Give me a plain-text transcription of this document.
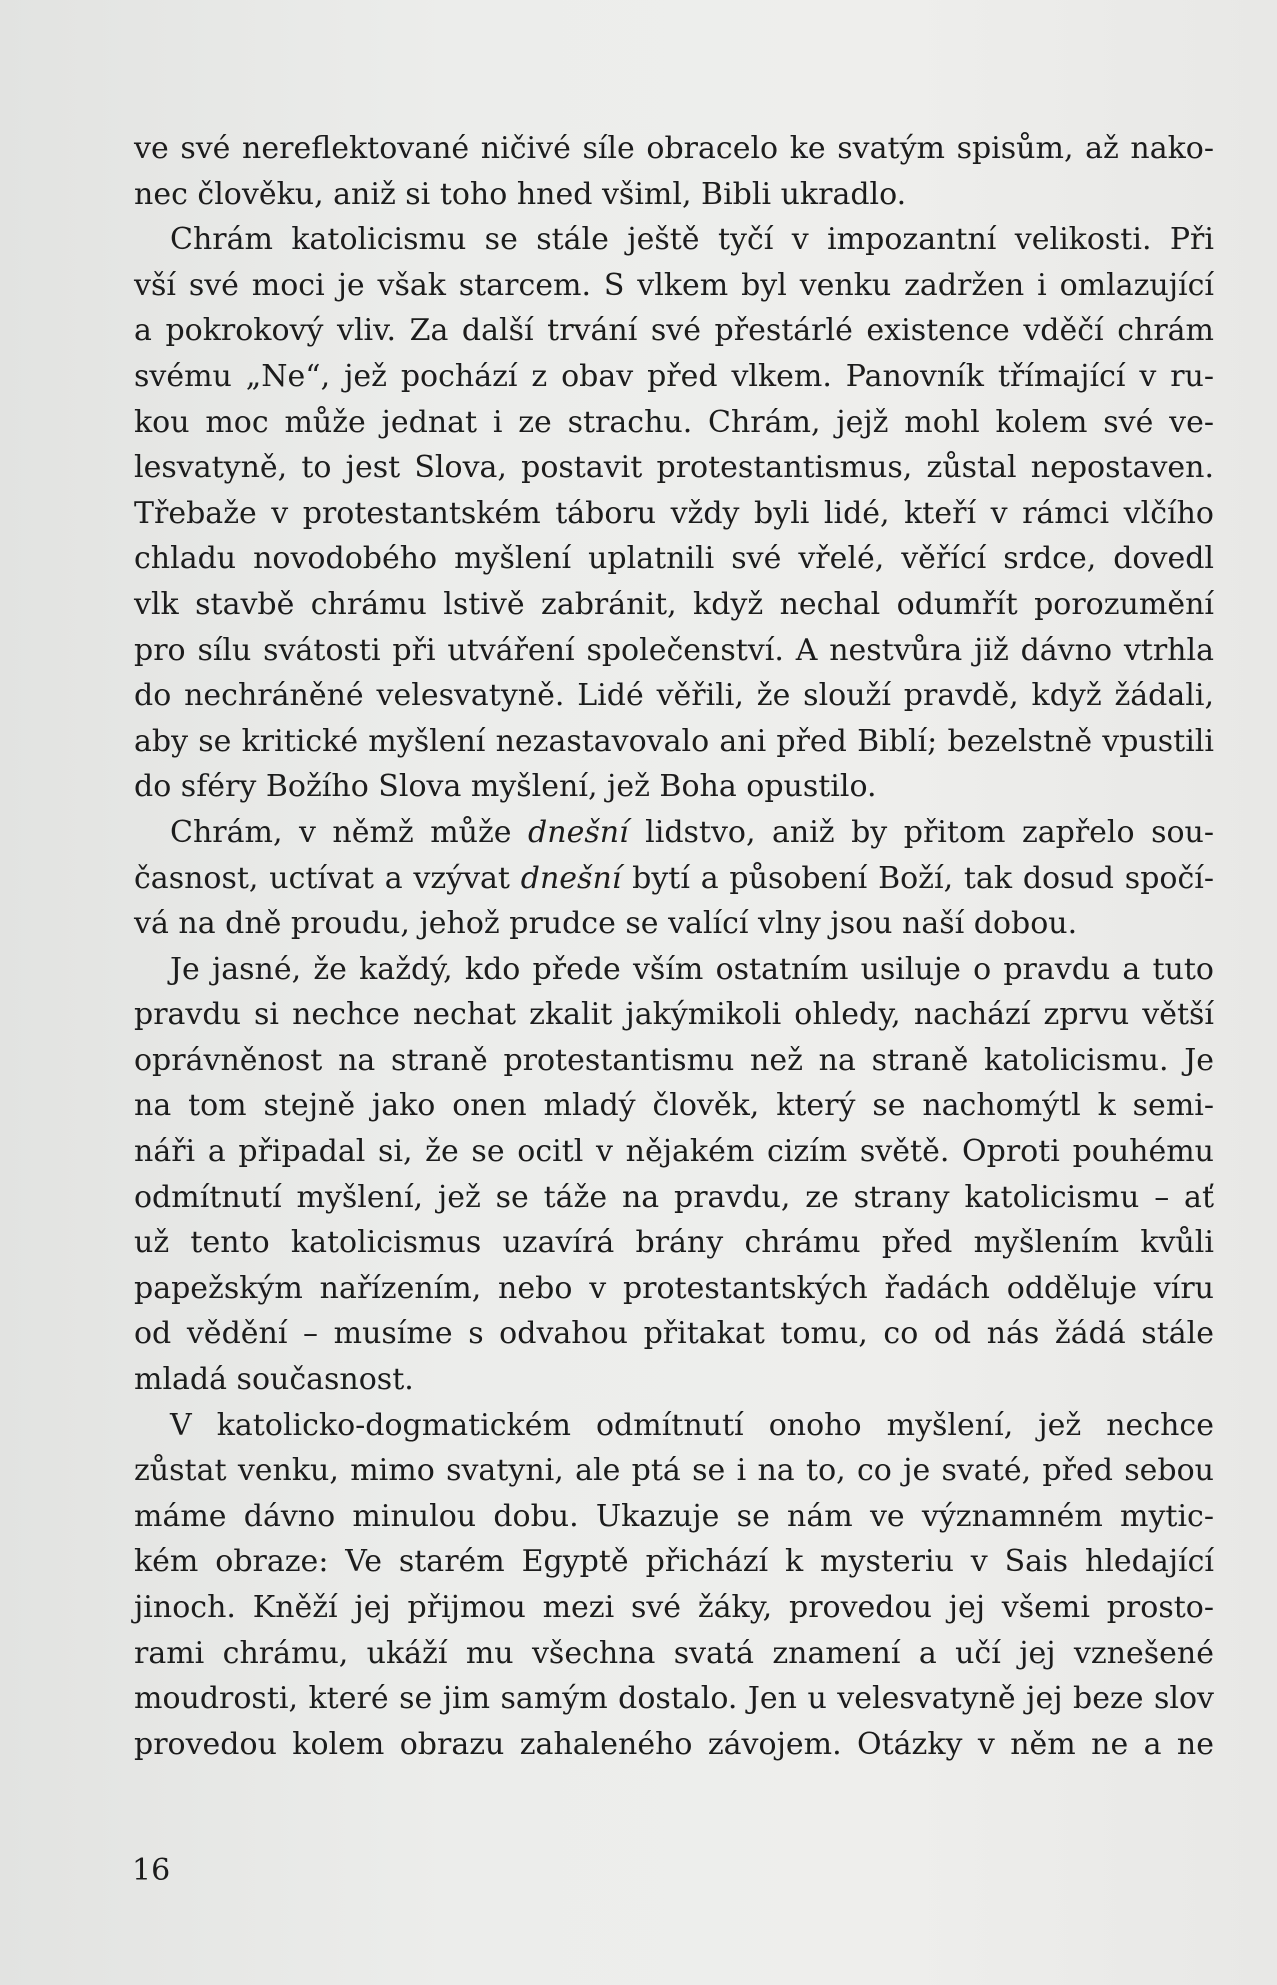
ve své nereflektované ničivé síle obracelo ke svatým spisům, až nako-
nec člověku, aniž si toho hned všiml, Bibli ukradlo.

Chrám katolicismu se stále ještě tyčí v impozantní velikosti. Při
vší své moci je však starcem. S vlkem byl venku zadržen i omlazující
a pokrokový vliv. Za další trvání své přestárlé existence vděčí chrám
svému „Ne“, jež pochází z obav před vlkem. Panovník třímající v ru-
kou moc může jednat i ze strachu. Chrám, jejž mohl kolem své ve-
lesvatyně, to jest Slova, postavit protestantismus, zůstal nepostaven.
Třebaže v protestantském táboru vždy byli lidé, kteří v rámci vlčího
chladu novodobého myšlení uplatnili své vřelé, věřící srdce, dovedl
vlk stavbě chrámu lstivě zabránit, když nechal odumřít porozumění
pro sílu svátosti při utváření společenství. A nestvůra již dávno vtrhla
do nechráněné velesvatyně. Lidé věřili, že slouží pravdě, když žádali,
aby se kritické myšlení nezastavovalo ani před Biblí; bezelstně vpustili
do sféry Božího Slova myšlení, jež Boha opustilo.

Chrám, v němž může dnešní lidstvo, aniž by přitom zapřelo sou-
časnost, uctívat a vzývat dnešní bytí a působení Boží, tak dosud spočí-
vá na dně proudu, jehož prudce se valící vlny jsou naší dobou.

Je jasné, že každý, kdo přede vším ostatním usiluje o pravdu a tuto
pravdu si nechce nechat zkalit jakýmikoli ohledy, nachází zprvu větší
oprávněnost na straně protestantismu než na straně katolicismu. Je
na tom stejně jako onen mladý člověk, který se nachomýtl k semi-
náři a připadal si, že se ocitl v nějakém cizím světě. Oproti pouhému
odmítnutí myšlení, jež se táže na pravdu, ze strany katolicismu – ať
už tento katolicismus uzavírá brány chrámu před myšlením kvůli
papežským nařízením, nebo v protestantských řadách odděluje víru
od vědění – musíme s odvahou přitakat tomu, co od nás žádá stále
mladá současnost.

V katolicko-dogmatickém odmítnutí onoho myšlení, jež nechce
zůstat venku, mimo svatyni, ale ptá se i na to, co je svaté, před sebou
máme dávno minulou dobu. Ukazuje se nám ve významném mytic-
kém obraze: Ve starém Egyptě přichází k mysteriu v Sais hledající
jinoch. Kněží jej přijmou mezi své žáky, provedou jej všemi prosto-
rami chrámu, ukáží mu všechna svatá znamení a učí jej vznešené
moudrosti, které se jim samým dostalo. Jen u velesvatyně jej beze slov
provedou kolem obrazu zahaleného závojem. Otázky v něm ne a ne

16
